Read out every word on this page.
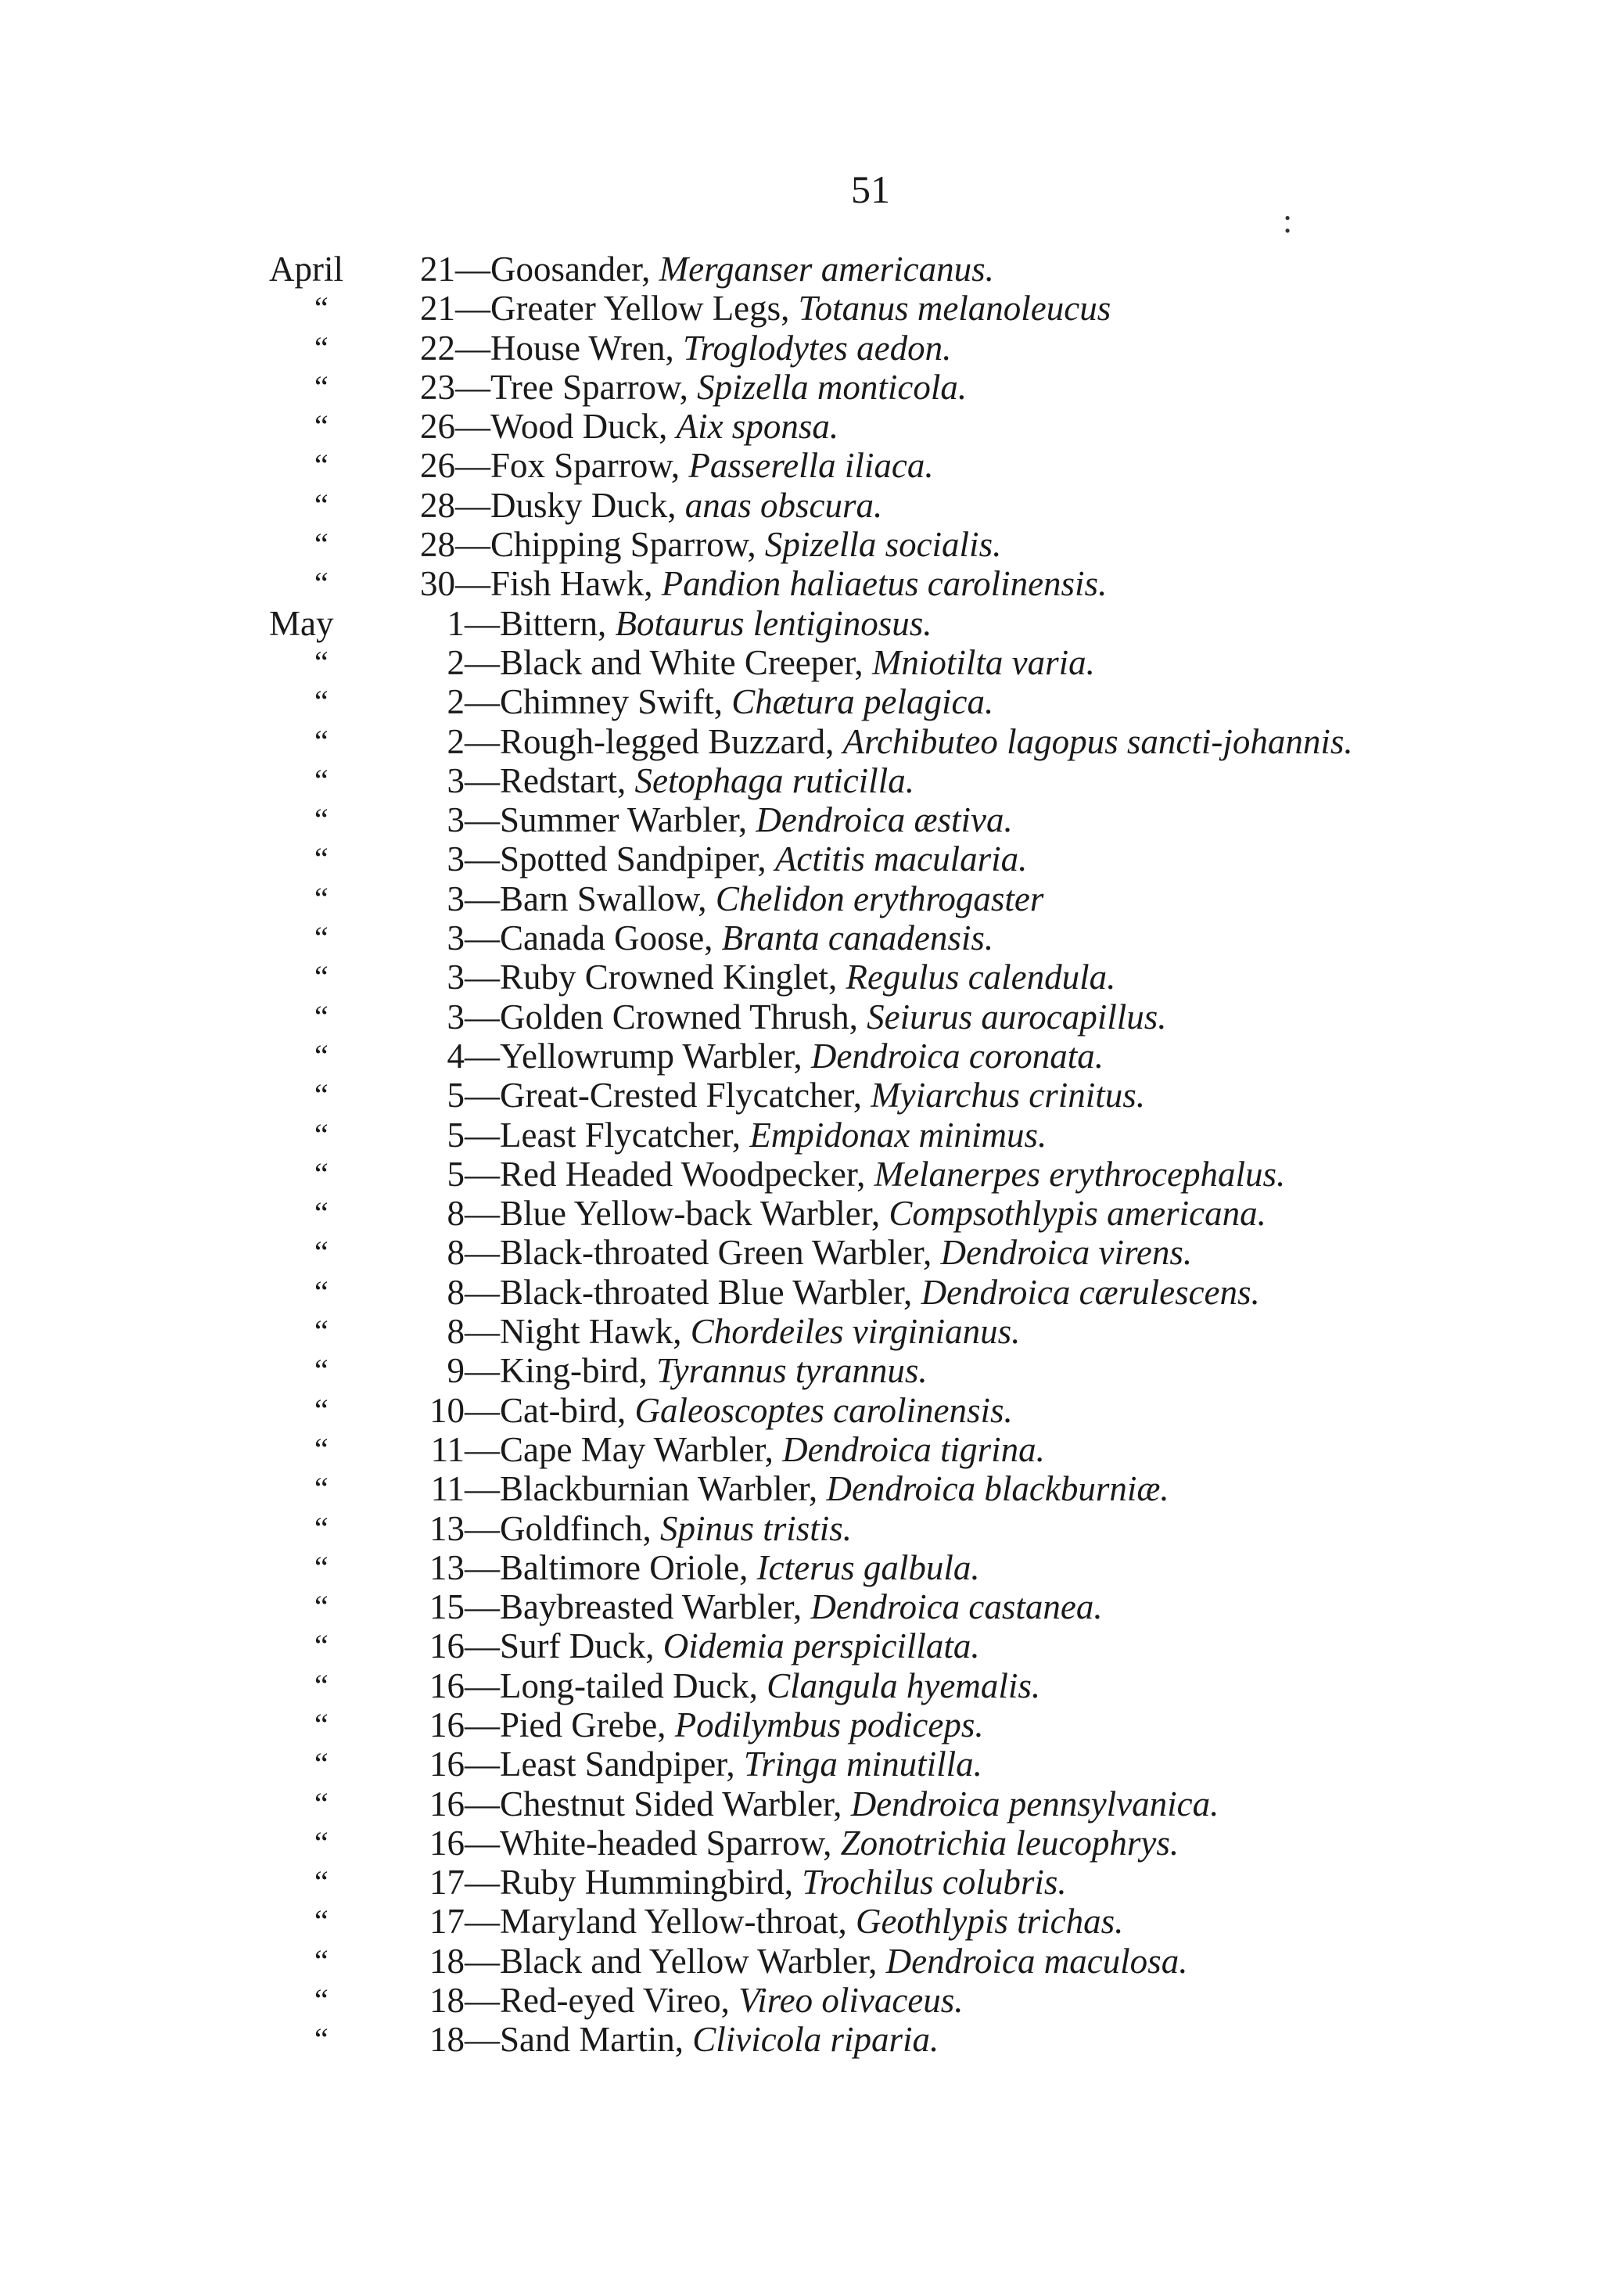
51
:
April	21—Goosander, Merganser americanus.
“	21—Greater Yellow Legs, Totanus melanoleucus
“	22—House Wren, Troglodytes aedon.
“	23—Tree Sparrow, Spizella monticola.
“	26—Wood Duck, Aix sponsa.
“	26—Fox Sparrow, Passerella iliaca.
“	28—Dusky Duck, anas obscura.
“	28—Chipping Sparrow, Spizella socialis.
“	30—Fish Hawk, Pandion haliaetus carolinensis.
May	1—Bittern, Botaurus lentiginosus.
“	2—Black and White Creeper, Mniotilta varia.
“	2—Chimney Swift, Chætura pelagica.
“	2—Rough-legged Buzzard, Archibuteo lagopus sancti-johannis.
“	3—Redstart, Setophaga ruticilla.
“	3—Summer Warbler, Dendroica æstiva.
“	3—Spotted Sandpiper, Actitis macularia.
“	3—Barn Swallow, Chelidon erythrogaster
“	3—Canada Goose, Branta canadensis.
“	3—Ruby Crowned Kinglet, Regulus calendula.
“	3—Golden Crowned Thrush, Seiurus aurocapillus.
“	4—Yellowrump Warbler, Dendroica coronata.
“	5—Great-Crested Flycatcher, Myiarchus crinitus.
“	5—Least Flycatcher, Empidonax minimus.
“	5—Red Headed Woodpecker, Melanerpes erythrocephalus.
“	8—Blue Yellow-back Warbler, Compsothlypis americana.
“	8—Black-throated Green Warbler, Dendroica virens.
“	8—Black-throated Blue Warbler, Dendroica cærulescens.
“	8—Night Hawk, Chordeiles virginianus.
“	9—King-bird, Tyrannus tyrannus.
“	10—Cat-bird, Galeoscoptes carolinensis.
“	11—Cape May Warbler, Dendroica tigrina.
“	11—Blackburnian Warbler, Dendroica blackburniæ.
“	13—Goldfinch, Spinus tristis.
“	13—Baltimore Oriole, Icterus galbula.
“	15—Baybreasted Warbler, Dendroica castanea.
“	16—Surf Duck, Oidemia perspicillata.
“	16—Long-tailed Duck, Clangula hyemalis.
“	16—Pied Grebe, Podilymbus podiceps.
“	16—Least Sandpiper, Tringa minutilla.
“	16—Chestnut Sided Warbler, Dendroica pennsylvanica.
“	16—White-headed Sparrow, Zonotrichia leucophrys.
“	17—Ruby Hummingbird, Trochilus colubris.
“	17—Maryland Yellow-throat, Geothlypis trichas.
“	18—Black and Yellow Warbler, Dendroica maculosa.
“	18—Red-eyed Vireo, Vireo olivaceus.
“	18—Sand Martin, Clivicola riparia.
